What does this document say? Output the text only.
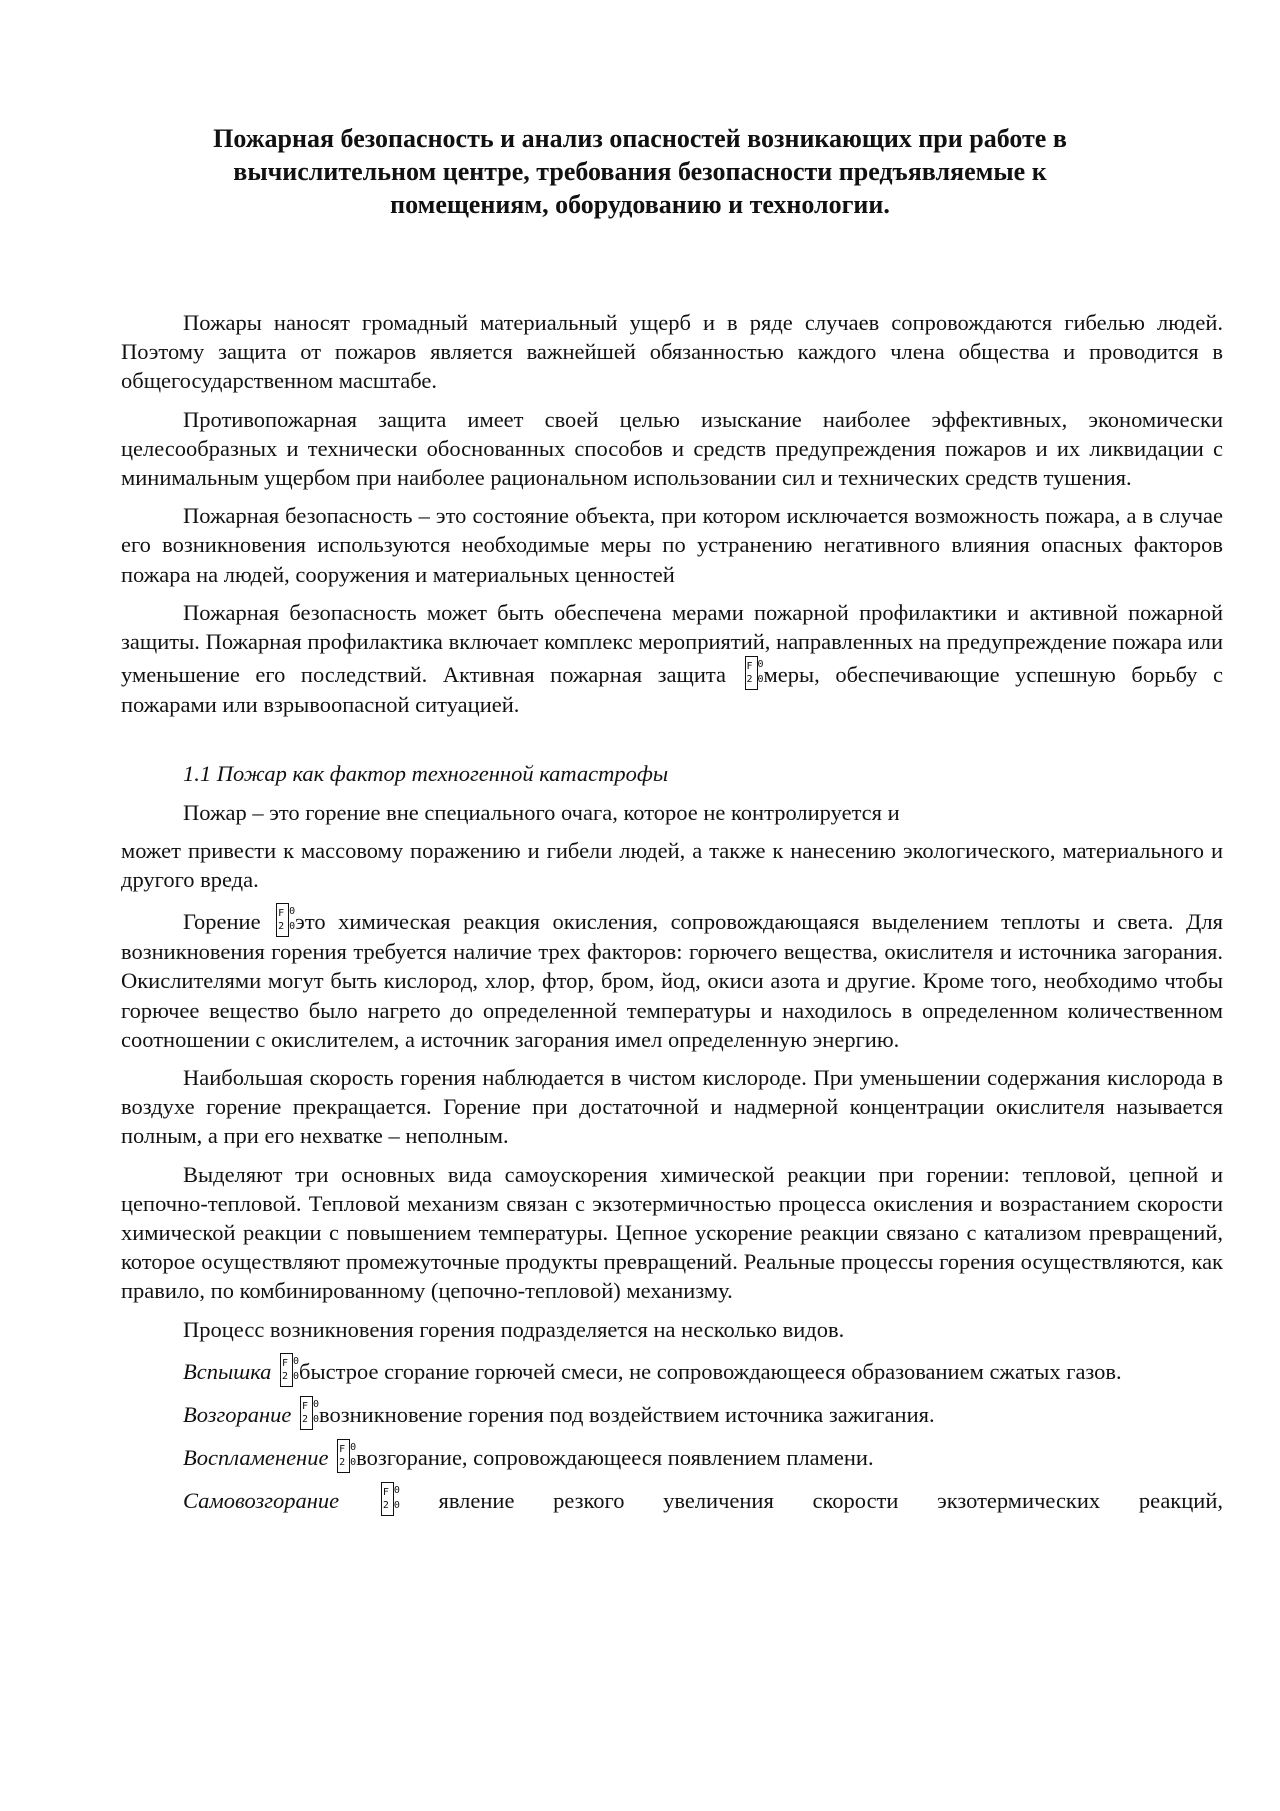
Пожарная безопасность и анализ опасностей возникающих при работе в вычислительном центре, требования безопасности предъявляемые к помещениям, оборудованию и технологии.

Пожары наносят громадный материальный ущерб и в ряде случаев сопровождаются гибелью людей. Поэтому защита от пожаров является важнейшей обязанностью каждого члена общества и проводится в общегосударственном масштабе.

Противопожарная защита имеет своей целью изыскание наиболее эффективных, экономически целесообразных и технически обоснованных способов и средств предупреждения пожаров и их ликвидации с минимальным ущербом при наиболее рациональном использовании сил и технических средств тушения.

Пожарная безопасность – это состояние объекта, при котором исключается возможность пожара, а в случае его возникновения используются необходимые меры по устранению негативного влияния опасных факторов пожара на людей, сооружения и материальных ценностей

Пожарная безопасность может быть обеспечена мерами пожарной профилактики и активной пожарной защиты. Пожарная профилактика включает комплекс мероприятий, направленных на предупреждение пожара или уменьшение его последствий. Активная пожарная защита F 0
2 0 меры, обеспечивающие успешную борьбу с пожарами или взрывоопасной ситуацией.

1.1 Пожар как фактор техногенной катастрофы

Пожар – это горение вне специального очага, которое не контролируется и

может привести к массовому поражению и гибели людей, а также к нанесению экологического, материального и другого вреда.

Горение F 0
2 0 это химическая реакция окисления, сопровождающаяся выделением теплоты и света. Для возникновения горения требуется наличие трех факторов: горючего вещества, окислителя и источника загорания. Окислителями могут быть кислород, хлор, фтор, бром, йод, окиси азота и другие. Кроме того, необходимо чтобы горючее вещество было нагрето до определенной температуры и находилось в определенном количественном соотношении с окислителем, а источник загорания имел определенную энергию.

Наибольшая скорость горения наблюдается в чистом кислороде. При уменьшении содержания кислорода в воздухе горение прекращается. Горение при достаточной и надмерной концентрации окислителя называется полным, а при его нехватке – неполным.

Выделяют три основных вида самоускорения химической реакции при горении: тепловой, цепной и цепочно-тепловой. Тепловой механизм связан с экзотермичностью процесса окисления и возрастанием скорости химической реакции с повышением температуры. Цепное ускорение реакции связано с катализом превращений, которое осуществляют промежуточные продукты превращений. Реальные процессы горения осуществляются, как правило, по комбинированному (цепочно-тепловой) механизму.

Процесс возникновения горения подразделяется на несколько видов.

Вспышка F 0
2 0 быстрое сгорание горючей смеси, не сопровождающееся образованием сжатых газов.

Возгорание F 0
2 0 возникновение горения под воздействием источника зажигания.

Воспламенение F 0
2 0 возгорание, сопровождающееся появлением пламени.

Самовозгорание	F 0
2 0 явление резкого увеличения скорости экзотермических реакций,
